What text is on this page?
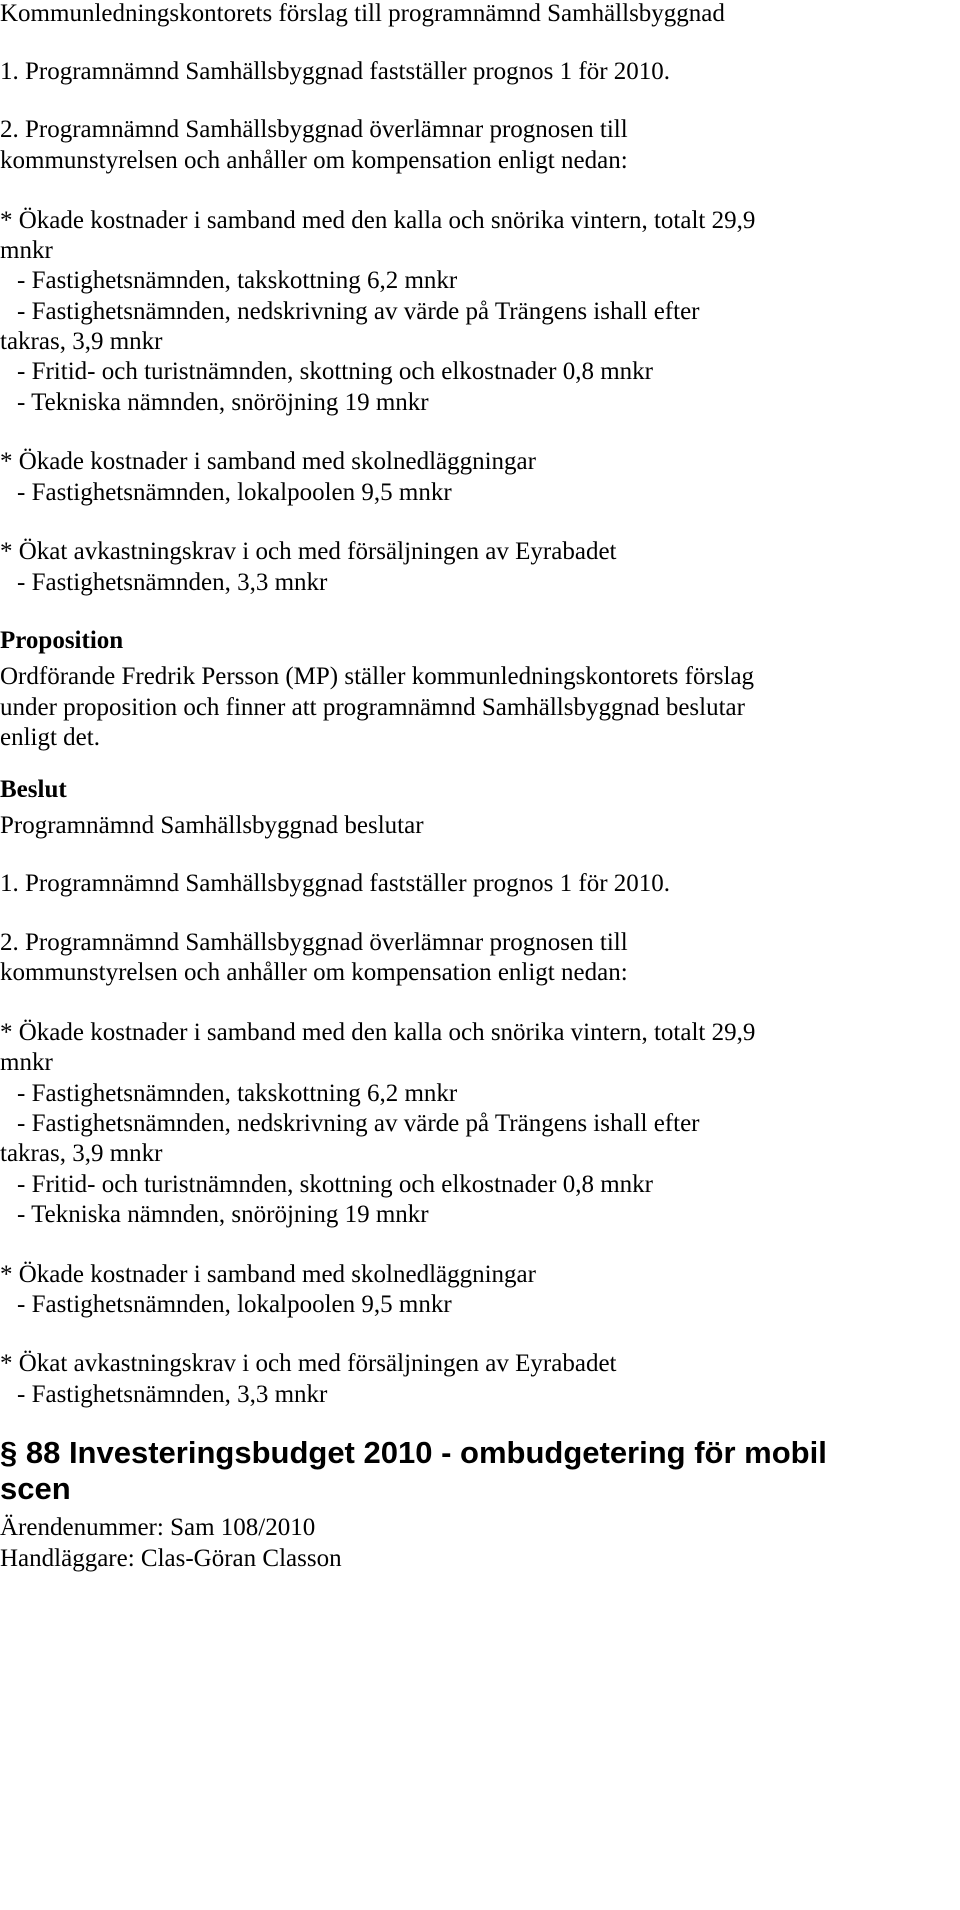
Kommunledningskontorets förslag till programnämnd Samhällsbyggnad

1. Programnämnd Samhällsbyggnad fastställer prognos 1 för 2010.

2. Programnämnd Samhällsbyggnad överlämnar prognosen till

kommunstyrelsen och anhåller om kompensation enligt nedan:

* Ökade kostnader i samband med den kalla och snörika vintern, totalt 29,9

mnkr

- Fastighetsnämnden, takskottning 6,2 mnkr

- Fastighetsnämnden, nedskrivning av värde på Trängens ishall efter

takras, 3,9 mnkr

- Fritid- och turistnämnden, skottning och elkostnader 0,8 mnkr

- Tekniska nämnden, snöröjning 19 mnkr

* Ökade kostnader i samband med skolnedläggningar

- Fastighetsnämnden, lokalpoolen 9,5 mnkr

* Ökat avkastningskrav i och med försäljningen av Eyrabadet

- Fastighetsnämnden, 3,3 mnkr

Proposition

Ordförande Fredrik Persson (MP) ställer kommunledningskontorets förslag

under proposition och finner att programnämnd Samhällsbyggnad beslutar

enligt det.

Beslut

Programnämnd Samhällsbyggnad beslutar

1. Programnämnd Samhällsbyggnad fastställer prognos 1 för 2010.

2. Programnämnd Samhällsbyggnad överlämnar prognosen till

kommunstyrelsen och anhåller om kompensation enligt nedan:

* Ökade kostnader i samband med den kalla och snörika vintern, totalt 29,9

mnkr

- Fastighetsnämnden, takskottning 6,2 mnkr

- Fastighetsnämnden, nedskrivning av värde på Trängens ishall efter

takras, 3,9 mnkr

- Fritid- och turistnämnden, skottning och elkostnader 0,8 mnkr

- Tekniska nämnden, snöröjning 19 mnkr

* Ökade kostnader i samband med skolnedläggningar

- Fastighetsnämnden, lokalpoolen 9,5 mnkr

* Ökat avkastningskrav i och med försäljningen av Eyrabadet

- Fastighetsnämnden, 3,3 mnkr

§ 88 Investeringsbudget 2010 - ombudgetering för mobil

scen

Ärendenummer: Sam 108/2010

Handläggare: Clas-Göran Classon
